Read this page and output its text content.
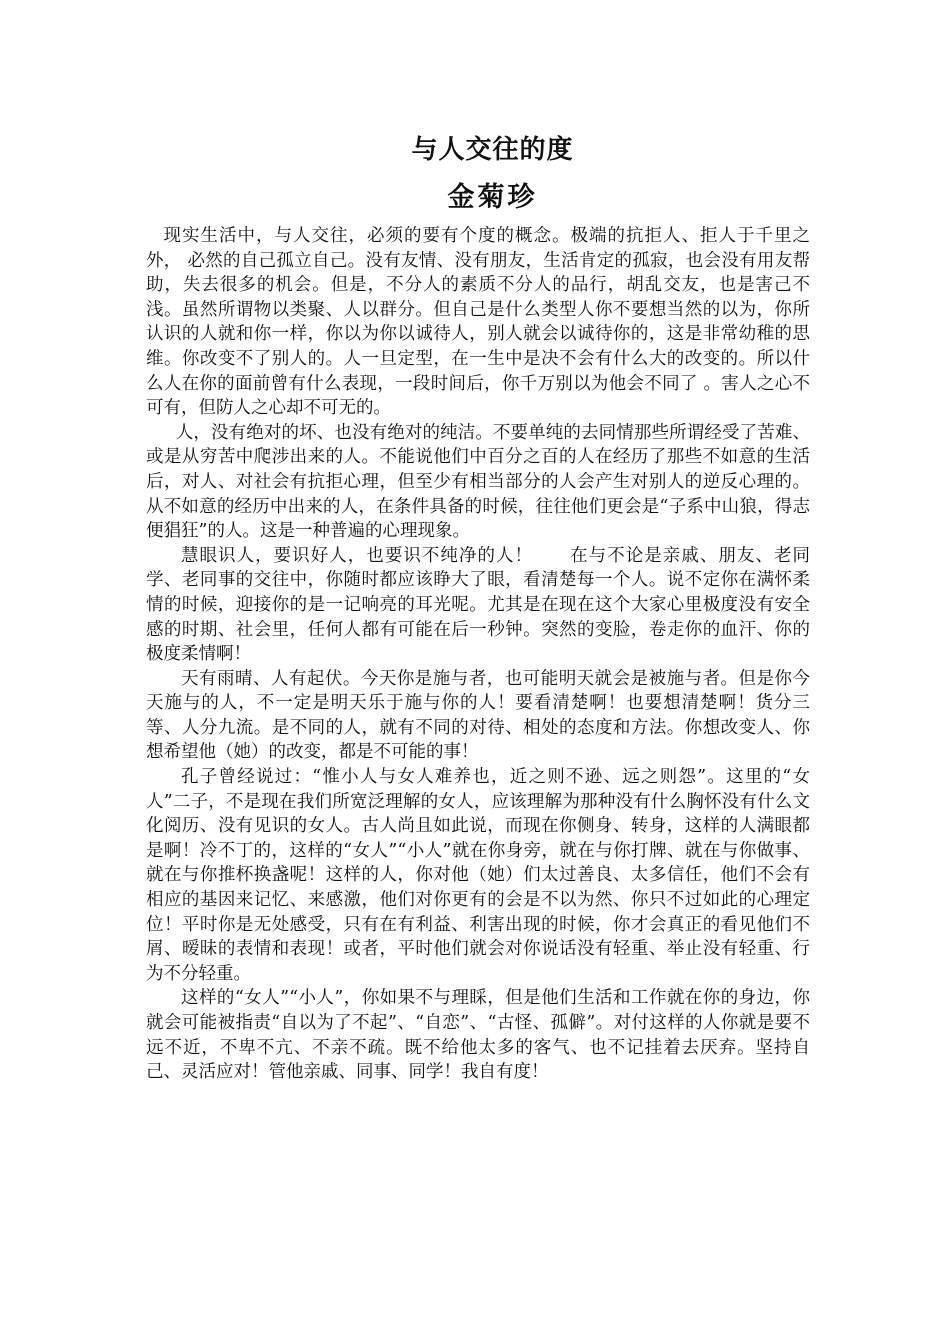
与人交往的度
金菊珍

现实生活中，与人交往，必须的要有个度的概念。极端的抗拒人、拒人于千里之外， 必然的自己孤立自己。没有友情、没有朋友，生活肯定的孤寂，也会没有用友帮助，失去很多的机会。但是，不分人的素质不分人的品行，胡乱交友，也是害己不浅。虽然所谓物以类聚、人以群分。但自己是什么类型人你不要想当然的以为，你所认识的人就和你一样，你以为你以诚待人，别人就会以诚待你的，这是非常幼稚的思维。你改变不了别人的。人一旦定型，在一生中是决不会有什么大的改变的。所以什么人在你的面前曾有什么表现，一段时间后，你千万别以为他会不同了 。害人之心不可有，但防人之心却不可无的。

人，没有绝对的坏、也没有绝对的纯洁。不要单纯的去同情那些所谓经受了苦难、或是从穷苦中爬涉出来的人。不能说他们中百分之百的人在经历了那些不如意的生活后，对人、对社会有抗拒心理，但至少有相当部分的人会产生对别人的逆反心理的。从不如意的经历中出来的人，在条件具备的时候，往往他们更会是“子系中山狼，得志便猖狂”的人。这是一种普遍的心理现象。

慧眼识人，要识好人，也要识不纯净的人！　　在与不论是亲戚、朋友、老同学、老同事的交往中，你随时都应该睁大了眼，看清楚每一个人。说不定你在满怀柔情的时候，迎接你的是一记响亮的耳光呢。尤其是在现在这个大家心里极度没有安全感的时期、社会里，任何人都有可能在后一秒钟。突然的变脸，卷走你的血汗、你的极度柔情啊！

天有雨晴、人有起伏。今天你是施与者，也可能明天就会是被施与者。但是你今天施与的人，不一定是明天乐于施与你的人！要看清楚啊！也要想清楚啊！货分三等、人分九流。是不同的人，就有不同的对待、相处的态度和方法。你想改变人、你想希望他（她）的改变，都是不可能的事！

孔子曾经说过：“惟小人与女人难养也，近之则不逊、远之则怨”。这里的“女人”二子，不是现在我们所宽泛理解的女人，应该理解为那种没有什么胸怀没有什么文化阅历、没有见识的女人。古人尚且如此说，而现在你侧身、转身，这样的人满眼都是啊！冷不丁的，这样的“女人”“小人”就在你身旁，就在与你打牌、就在与你做事、就在与你推杯换盏呢！这样的人，你对他（她）们太过善良、太多信任，他们不会有相应的基因来记忆、来感激，他们对你更有的会是不以为然、你只不过如此的心理定位！平时你是无处感受，只有在有利益、利害出现的时候，你才会真正的看见他们不屑、暧昧的表情和表现！或者，平时他们就会对你说话没有轻重、举止没有轻重、行为不分轻重。

这样的“女人”“小人”，你如果不与理睬，但是他们生活和工作就在你的身边，你就会可能被指责“自以为了不起”、“自恋”、“古怪、孤僻”。对付这样的人你就是要不远不近，不卑不亢、不亲不疏。既不给他太多的客气、也不记挂着去厌弃。坚持自己、灵活应对！管他亲戚、同事、同学！我自有度！
